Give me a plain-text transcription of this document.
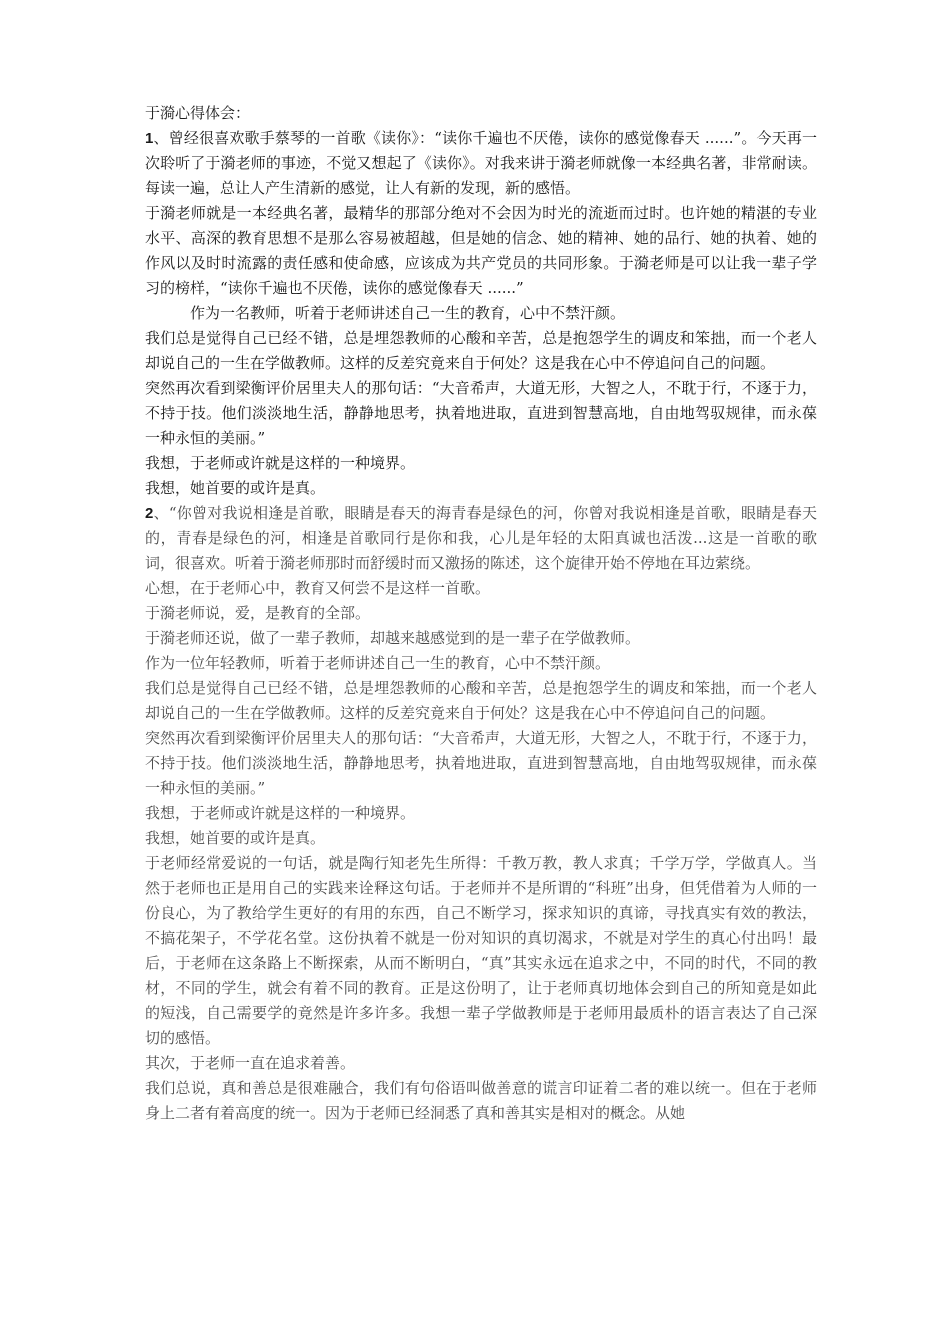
于漪心得体会：

1、曾经很喜欢歌手蔡琴的一首歌《读你》：“读你千遍也不厌倦，读你的感觉像春天 ......”。今天再一次聆听了于漪老师的事迹，不觉又想起了《读你》。对我来讲于漪老师就像一本经典名著，非常耐读。每读一遍，总让人产生清新的感觉，让人有新的发现，新的感悟。

于漪老师就是一本经典名著，最精华的那部分绝对不会因为时光的流逝而过时。也许她的精湛的专业水平、高深的教育思想不是那么容易被超越，但是她的信念、她的精神、她的品行、她的执着、她的作风以及时时流露的责任感和使命感，应该成为共产党员的共同形象。于漪老师是可以让我一辈子学习的榜样，“读你千遍也不厌倦，读你的感觉像春天 ......”

作为一名教师，听着于老师讲述自己一生的教育，心中不禁汗颜。

我们总是觉得自己已经不错，总是埋怨教师的心酸和辛苦，总是抱怨学生的调皮和笨拙，而一个老人却说自己的一生在学做教师。这样的反差究竟来自于何处？这是我在心中不停追问自己的问题。

突然再次看到梁衡评价居里夫人的那句话：“大音希声，大道无形，大智之人，不耽于行，不逐于力，不持于技。他们淡淡地生活，静静地思考，执着地进取，直进到智慧高地，自由地驾驭规律，而永葆一种永恒的美丽。”

我想，于老师或许就是这样的一种境界。

我想，她首要的或许是真。

2、“你曾对我说相逢是首歌，眼睛是春天的海青春是绿色的河，你曾对我说相逢是首歌，眼睛是春天的，青春是绿色的河，相逢是首歌同行是你和我，心儿是年轻的太阳真诚也活泼...这是一首歌的歌词，很喜欢。听着于漪老师那时而舒缓时而又激扬的陈述，这个旋律开始不停地在耳边萦绕。

心想，在于老师心中，教育又何尝不是这样一首歌。

于漪老师说，爱，是教育的全部。

于漪老师还说，做了一辈子教师，却越来越感觉到的是一辈子在学做教师。

作为一位年轻教师，听着于老师讲述自己一生的教育，心中不禁汗颜。

我们总是觉得自己已经不错，总是埋怨教师的心酸和辛苦，总是抱怨学生的调皮和笨拙，而一个老人却说自己的一生在学做教师。这样的反差究竟来自于何处？这是我在心中不停追问自己的问题。

突然再次看到梁衡评价居里夫人的那句话：“大音希声，大道无形，大智之人，不耽于行，不逐于力，不持于技。他们淡淡地生活，静静地思考，执着地进取，直进到智慧高地，自由地驾驭规律，而永葆一种永恒的美丽。”

我想，于老师或许就是这样的一种境界。

我想，她首要的或许是真。

于老师经常爱说的一句话，就是陶行知老先生所得：千教万教，教人求真；千学万学，学做真人。当然于老师也正是用自己的实践来诠释这句话。于老师并不是所谓的“科班”出身，但凭借着为人师的一份良心，为了教给学生更好的有用的东西，自己不断学习，探求知识的真谛，寻找真实有效的教法，不搞花架子，不学花名堂。这份执着不就是一份对知识的真切渴求，不就是对学生的真心付出吗！最后，于老师在这条路上不断探索，从而不断明白，“真”其实永远在追求之中，不同的时代，不同的教材，不同的学生，就会有着不同的教育。正是这份明了，让于老师真切地体会到自己的所知竟是如此的短浅，自己需要学的竟然是许多许多。我想一辈子学做教师是于老师用最质朴的语言表达了自己深切的感悟。

其次，于老师一直在追求着善。

我们总说，真和善总是很难融合，我们有句俗语叫做善意的谎言印证着二者的难以统一。但在于老师身上二者有着高度的统一。因为于老师已经洞悉了真和善其实是相对的概念。从她
